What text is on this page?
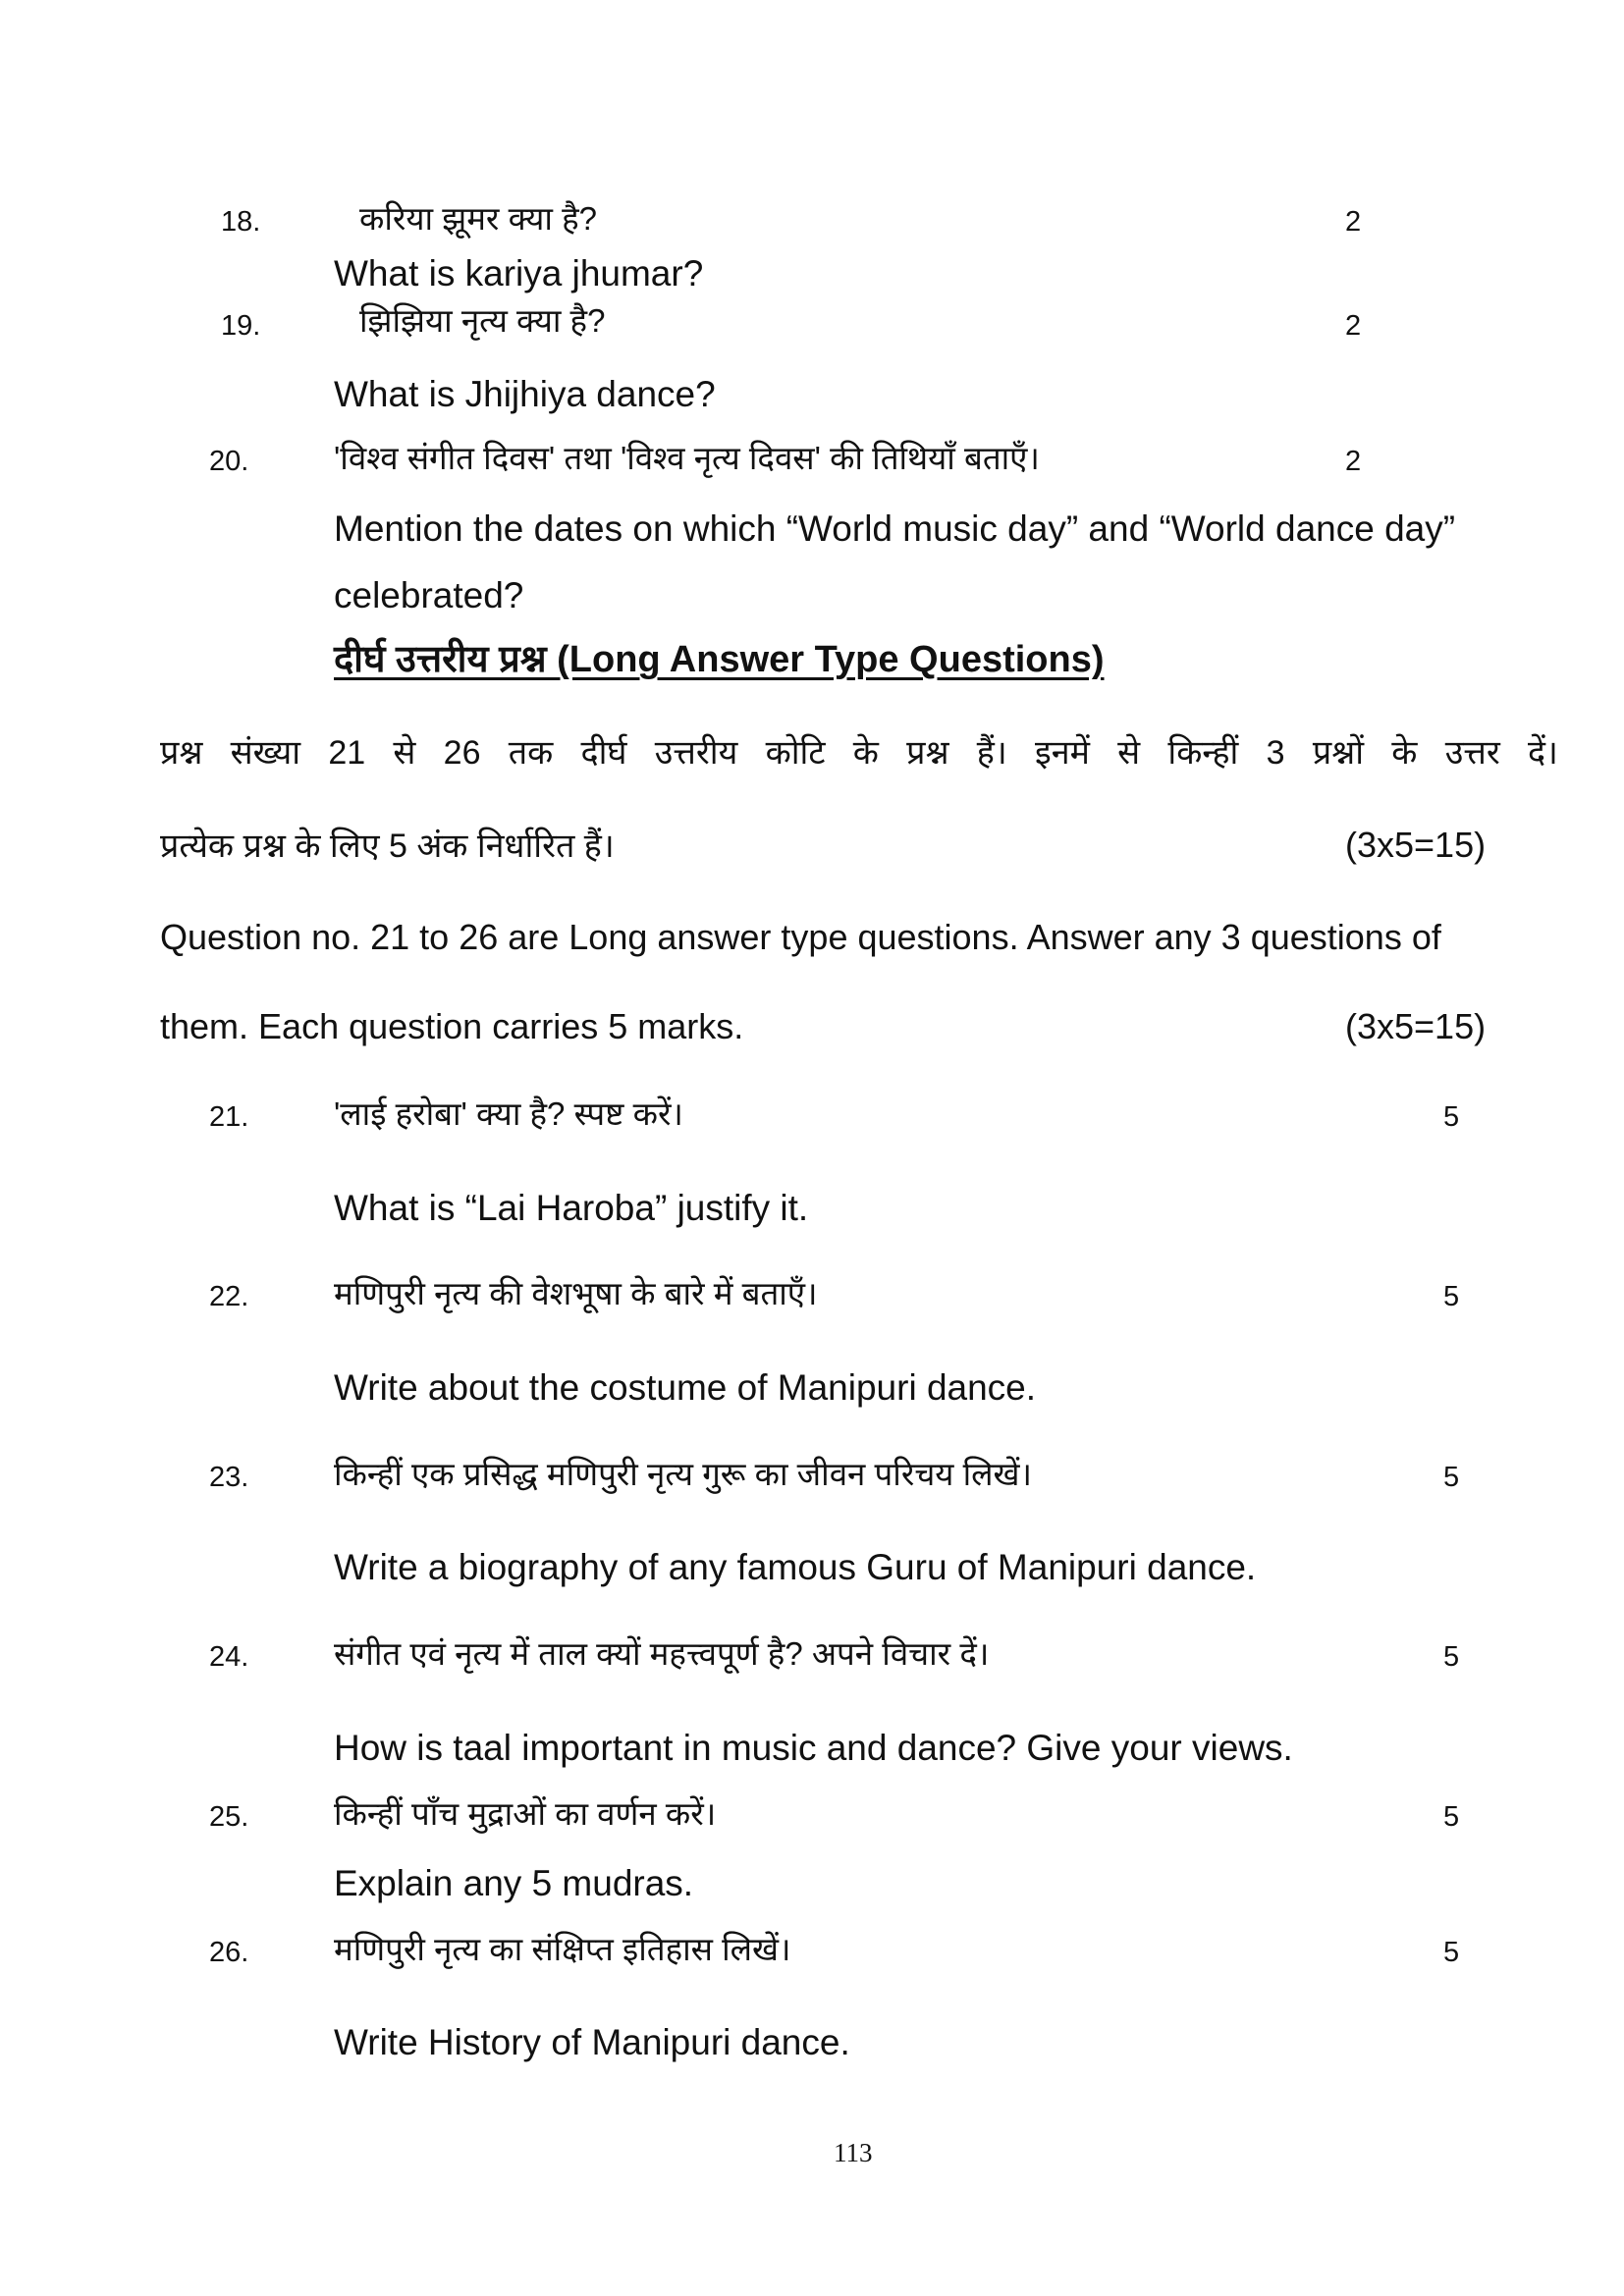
18.	करिया झूमर क्या है?	2
What is kariya jhumar?
19.	झिझिया नृत्य क्या है?	2
What is Jhijhiya dance?
20.	'विश्व संगीत दिवस' तथा 'विश्व नृत्य दिवस' की तिथियाँ बताएँ।	2
Mention the dates on which “World music day” and “World dance day”
celebrated?
दीर्घ उत्तरीय प्रश्न (Long Answer Type Questions)
प्रश्न संख्या 21 से 26 तक दीर्घ उत्तरीय कोटि के प्रश्न हैं। इनमें से किन्हीं 3 प्रश्नों के उत्तर दें।
प्रत्येक प्रश्न के लिए 5 अंक निर्धारित हैं।	(3x5=15)
Question no. 21 to 26 are Long answer type questions. Answer any 3 questions of
them. Each question carries 5 marks.	(3x5=15)
21.	'लाई हरोबा' क्या है? स्पष्ट करें।	5
What is “Lai Haroba” justify it.
22.	मणिपुरी नृत्य की वेशभूषा के बारे में बताएँ।	5
Write about the costume of Manipuri dance.
23.	किन्हीं एक प्रसिद्ध मणिपुरी नृत्य गुरू का जीवन परिचय लिखें।	5
Write a biography of any famous Guru of Manipuri dance.
24.	संगीत एवं नृत्य में ताल क्यों महत्त्वपूर्ण है? अपने विचार दें।	5
How is taal important in music and dance? Give your views.
25.	किन्हीं पाँच मुद्राओं का वर्णन करें।	5
Explain any 5 mudras.
26.	मणिपुरी नृत्य का संक्षिप्त इतिहास लिखें।	5
Write History of Manipuri dance.
113
